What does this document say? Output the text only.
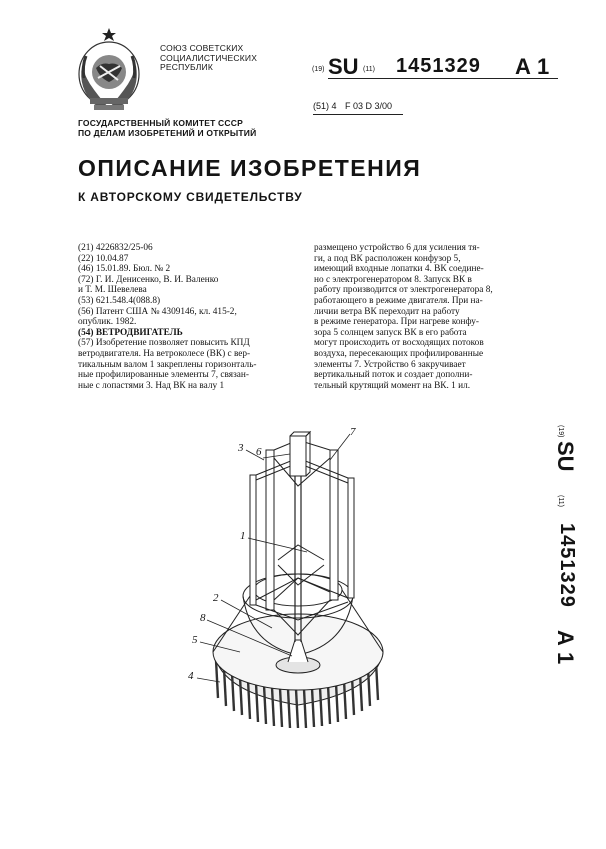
СОЮЗ СОВЕТСКИХ
СОЦИАЛИСТИЧЕСКИХ
РЕСПУБЛИК	(19) SU (11) 1451329 А 1
(51) 4 F 03 D 3/00
ГОСУДАРСТВЕННЫЙ КОМИТЕТ СССР
ПО ДЕЛАМ ИЗОБРЕТЕНИЙ И ОТКРЫТИЙ
ОПИСАНИЕ ИЗОБРЕТЕНИЯ
К АВТОРСКОМУ СВИДЕТЕЛЬСТВУ
(21) 4226832/25-06
(22) 10.04.87
(46) 15.01.89. Бюл. № 2
(72) Г. И. Денисенко, В. И. Валенко
и Т. М. Шевелева
(53) 621.548.4(088.8)
(56) Патент США № 4309146, кл. 415-2,
опублик. 1982.
(54) ВЕТРОДВИГАТЕЛЬ
(57) Изобретение позволяет повысить КПД
ветродвигателя. На ветроколесе (ВК) с вер-
тикальным валом 1 закреплены горизонталь-
ные профилированные элементы 7, связан-
ные с лопастями 3. Над ВК на валу 1
размещено устройство 6 для усиления тя-
ги, а под ВК расположен конфузор 5,
имеющий входные лопатки 4. ВК соедине-
но с электрогенератором 8. Запуск ВК в
работу производится от электрогенератора 8,
работающего в режиме двигателя. При на-
личии ветра ВК переходит на работу
в режиме генератора. При нагреве конфу-
зора 5 солнцем запуск ВК в его работа
могут происходить от восходящих потоков
воздуха, пересекающих профилированные
элементы 7. Устройство 6 закручивает
вертикальный поток и создает дополни-
тельный крутящий момент на ВК. 1 ил.
6
7
3
1
2
8
5
4
(19)
SU
(11)
1451329
А 1
